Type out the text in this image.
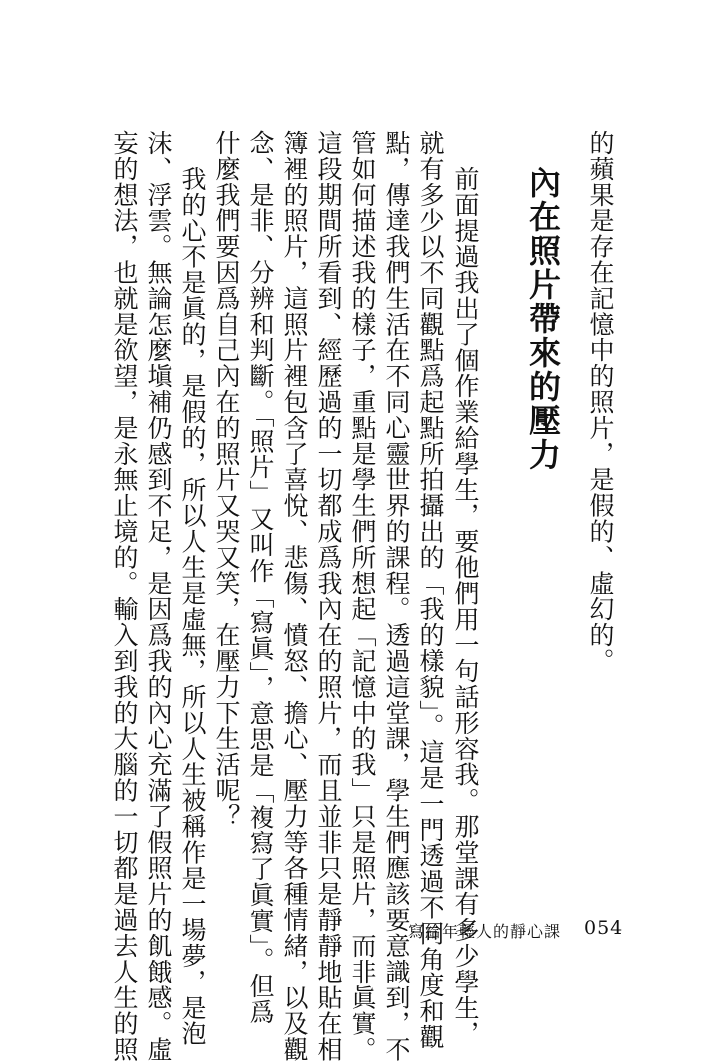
的蘋果是存在記憶中的照片，是假的、虛幻的。
內在照片帶來的壓力
前面提過我出了個作業給學生，要他們用一句話形容我。那堂課有多少學生，
就有多少以不同觀點爲起點所拍攝出的「我的樣貌」。這是一門透過不同角度和觀
點，傳達我們生活在不同心靈世界的課程。透過這堂課，學生們應該要意識到，不
管如何描述我的樣子，重點是學生們所想起「記憶中的我」只是照片，而非眞實。
這段期間所看到、經歷過的一切都成爲我內在的照片，而且並非只是靜靜地貼在相
簿裡的照片，這照片裡包含了喜悅、悲傷、憤怒、擔心、壓力等各種情緒，以及觀
念、是非、分辨和判斷。「照片」又叫作「寫眞」，意思是「複寫了眞實」。但爲
什麼我們要因爲自己內在的照片又哭又笑，在壓力下生活呢？
我的心不是眞的，是假的，所以人生是虛無，所以人生被稱作是一場夢，是泡
沫、浮雲。無論怎麼塡補仍感到不足，是因爲我的內心充滿了假照片的飢餓感。虛
妄的想法，也就是欲望，是永無止境的。輸入到我的大腦的一切都是過去人生的照	寫給年輕人的靜心課 054
